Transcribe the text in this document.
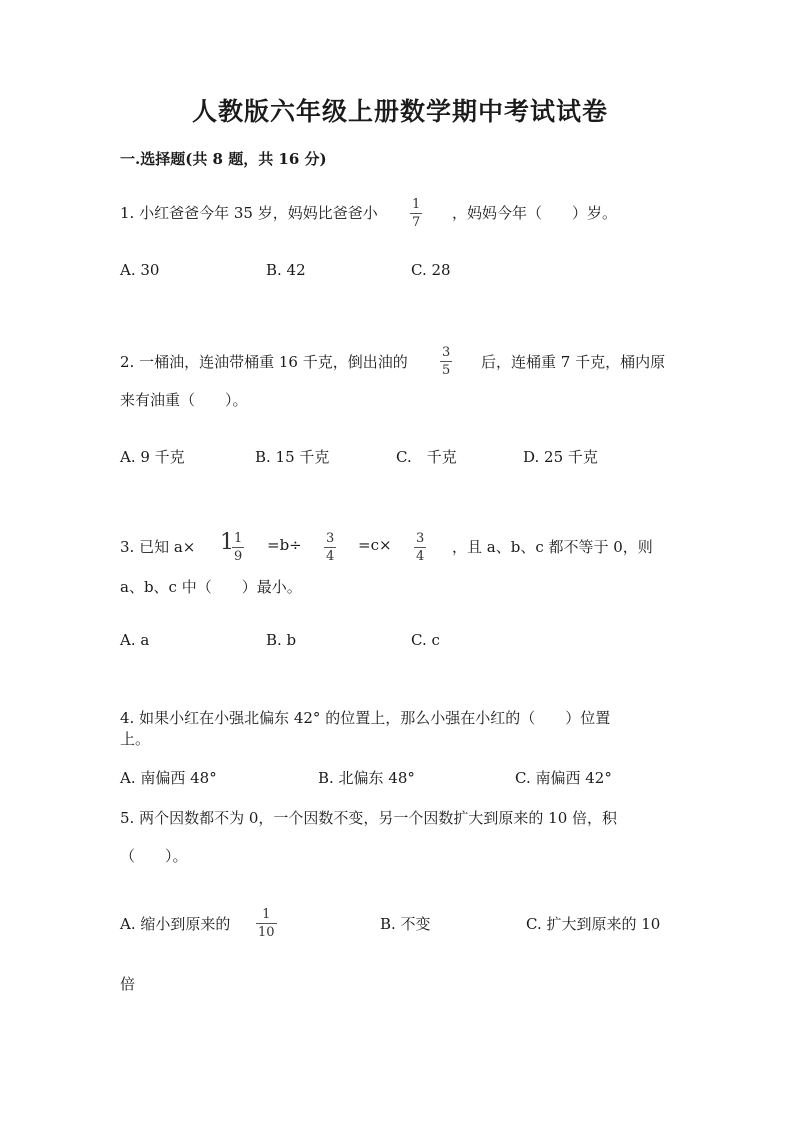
人教版六年级上册数学期中考试试卷
一.选择题(共 8 题，共 16 分)
1. 小红爸爸今年 35 岁，妈妈比爸爸小	1
7
，妈妈今年（　　）岁。
A. 30	B. 42	C. 28
2. 一桶油，连油带桶重 16 千克，倒出油的
3
5 后，连桶重 7 千克，桶内原
来有油重（　　）。
A. 9 千克	B. 15 千克	C.　千克	D. 25 千克
3. 已知 a× 1 1
9
=b÷ 3
4
=c× 3
4
，且 a、b、c 都不等于 0，则
a、b、c 中（　　）最小。
A. a	B. b	C. c
4. 如果小红在小强北偏东 42° 的位置上，那么小强在小红的（　　）位置
上。
A. 南偏西 48°	B. 北偏东 48°	C. 南偏西 42°
5. 两个因数都不为 0，一个因数不变，另一个因数扩大到原来的 10 倍，积
（　　）。
A. 缩小到原来的
1
10	B. 不变	C. 扩大到原来的 10
倍
